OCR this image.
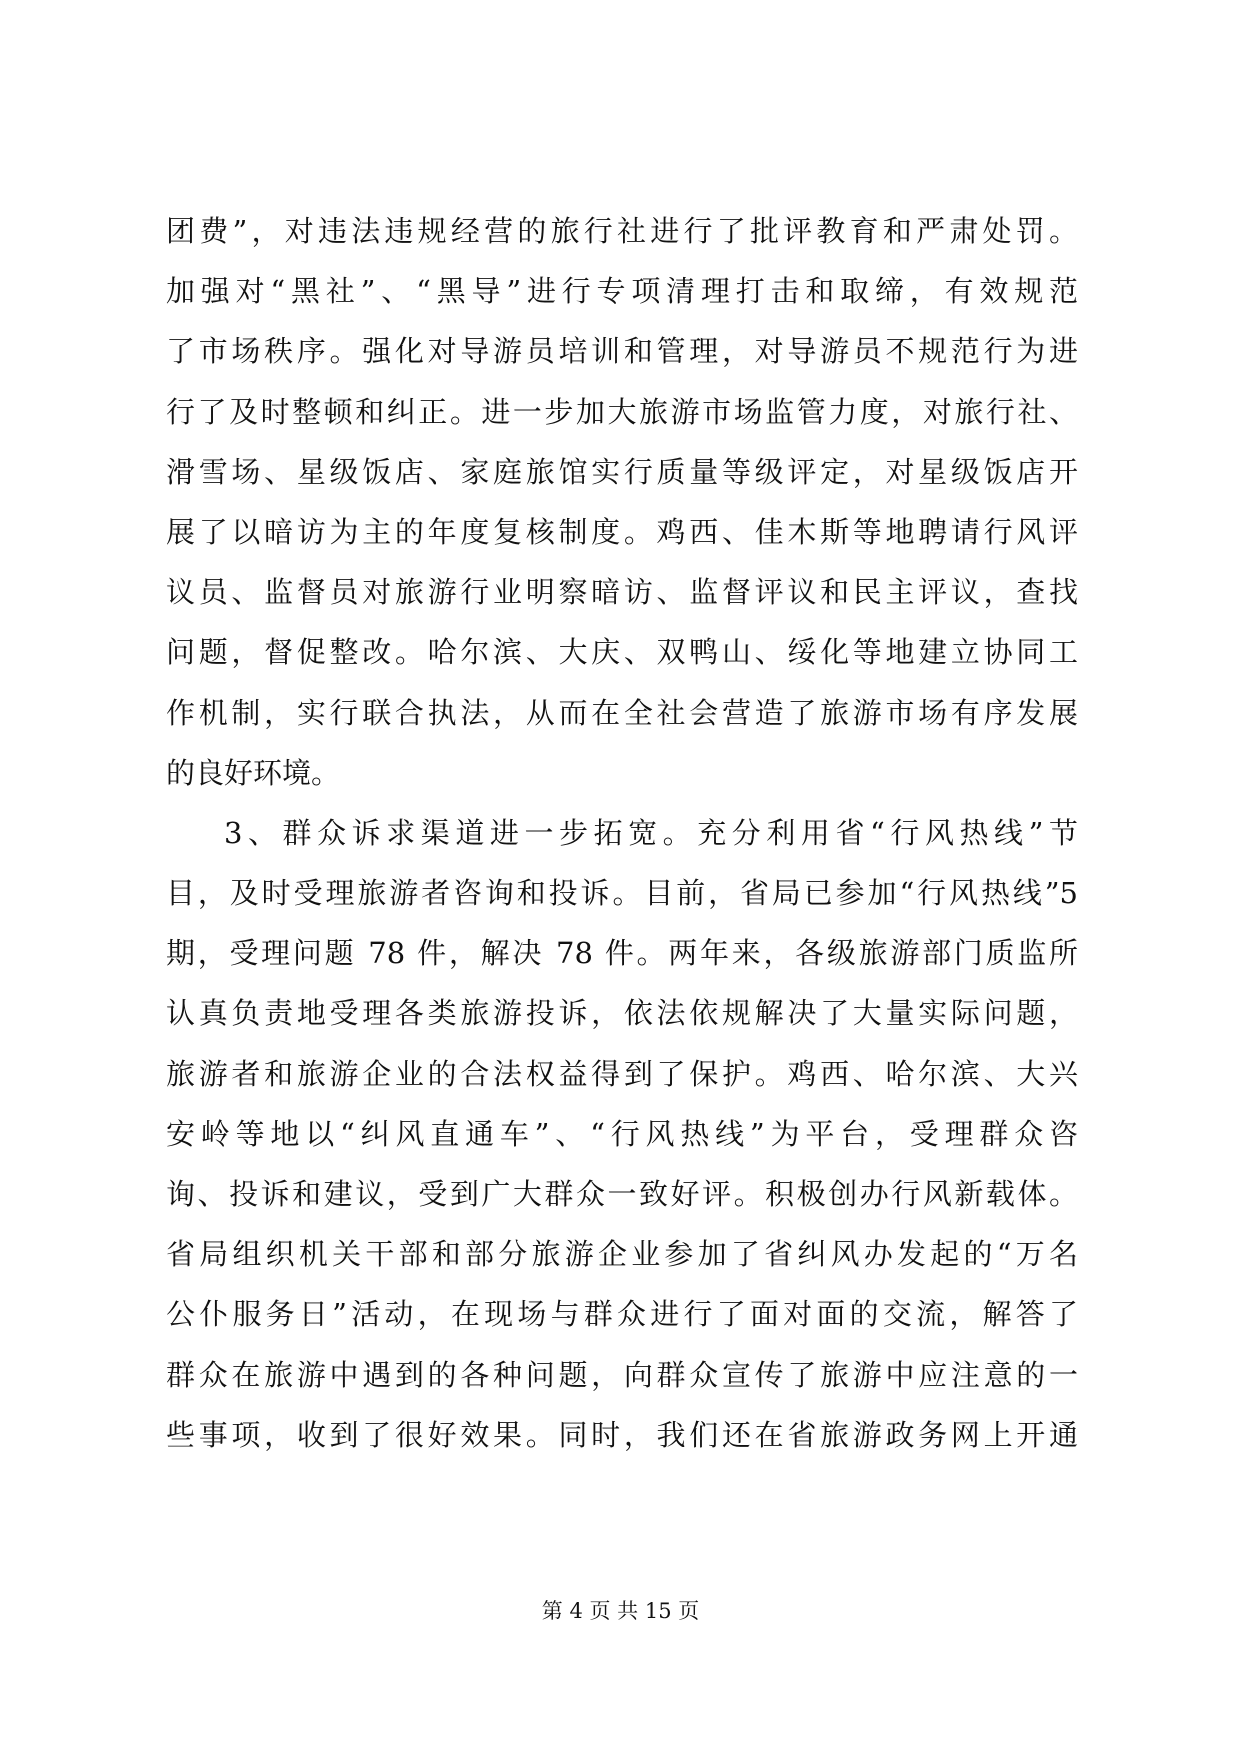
团费”，对违法违规经营的旅行社进行了批评教育和严肃处罚。
加强对“黑社”、“黑导”进行专项清理打击和取缔，有效规范
了市场秩序。强化对导游员培训和管理，对导游员不规范行为进
行了及时整顿和纠正。进一步加大旅游市场监管力度，对旅行社、
滑雪场、星级饭店、家庭旅馆实行质量等级评定，对星级饭店开
展了以暗访为主的年度复核制度。鸡西、佳木斯等地聘请行风评
议员、监督员对旅游行业明察暗访、监督评议和民主评议，查找
问题，督促整改。哈尔滨、大庆、双鸭山、绥化等地建立协同工
作机制，实行联合执法，从而在全社会营造了旅游市场有序发展
的良好环境。
3、群众诉求渠道进一步拓宽。充分利用省“行风热线”节
目，及时受理旅游者咨询和投诉。目前，省局已参加“行风热线”5
期，受理问题 78 件，解决 78 件。两年来，各级旅游部门质监所
认真负责地受理各类旅游投诉，依法依规解决了大量实际问题，
旅游者和旅游企业的合法权益得到了保护。鸡西、哈尔滨、大兴
安岭等地以“纠风直通车”、“行风热线”为平台，受理群众咨
询、投诉和建议，受到广大群众一致好评。积极创办行风新载体。
省局组织机关干部和部分旅游企业参加了省纠风办发起的“万名
公仆服务日”活动，在现场与群众进行了面对面的交流，解答了
群众在旅游中遇到的各种问题，向群众宣传了旅游中应注意的一
些事项，收到了很好效果。同时，我们还在省旅游政务网上开通
第 4 页 共 15 页
